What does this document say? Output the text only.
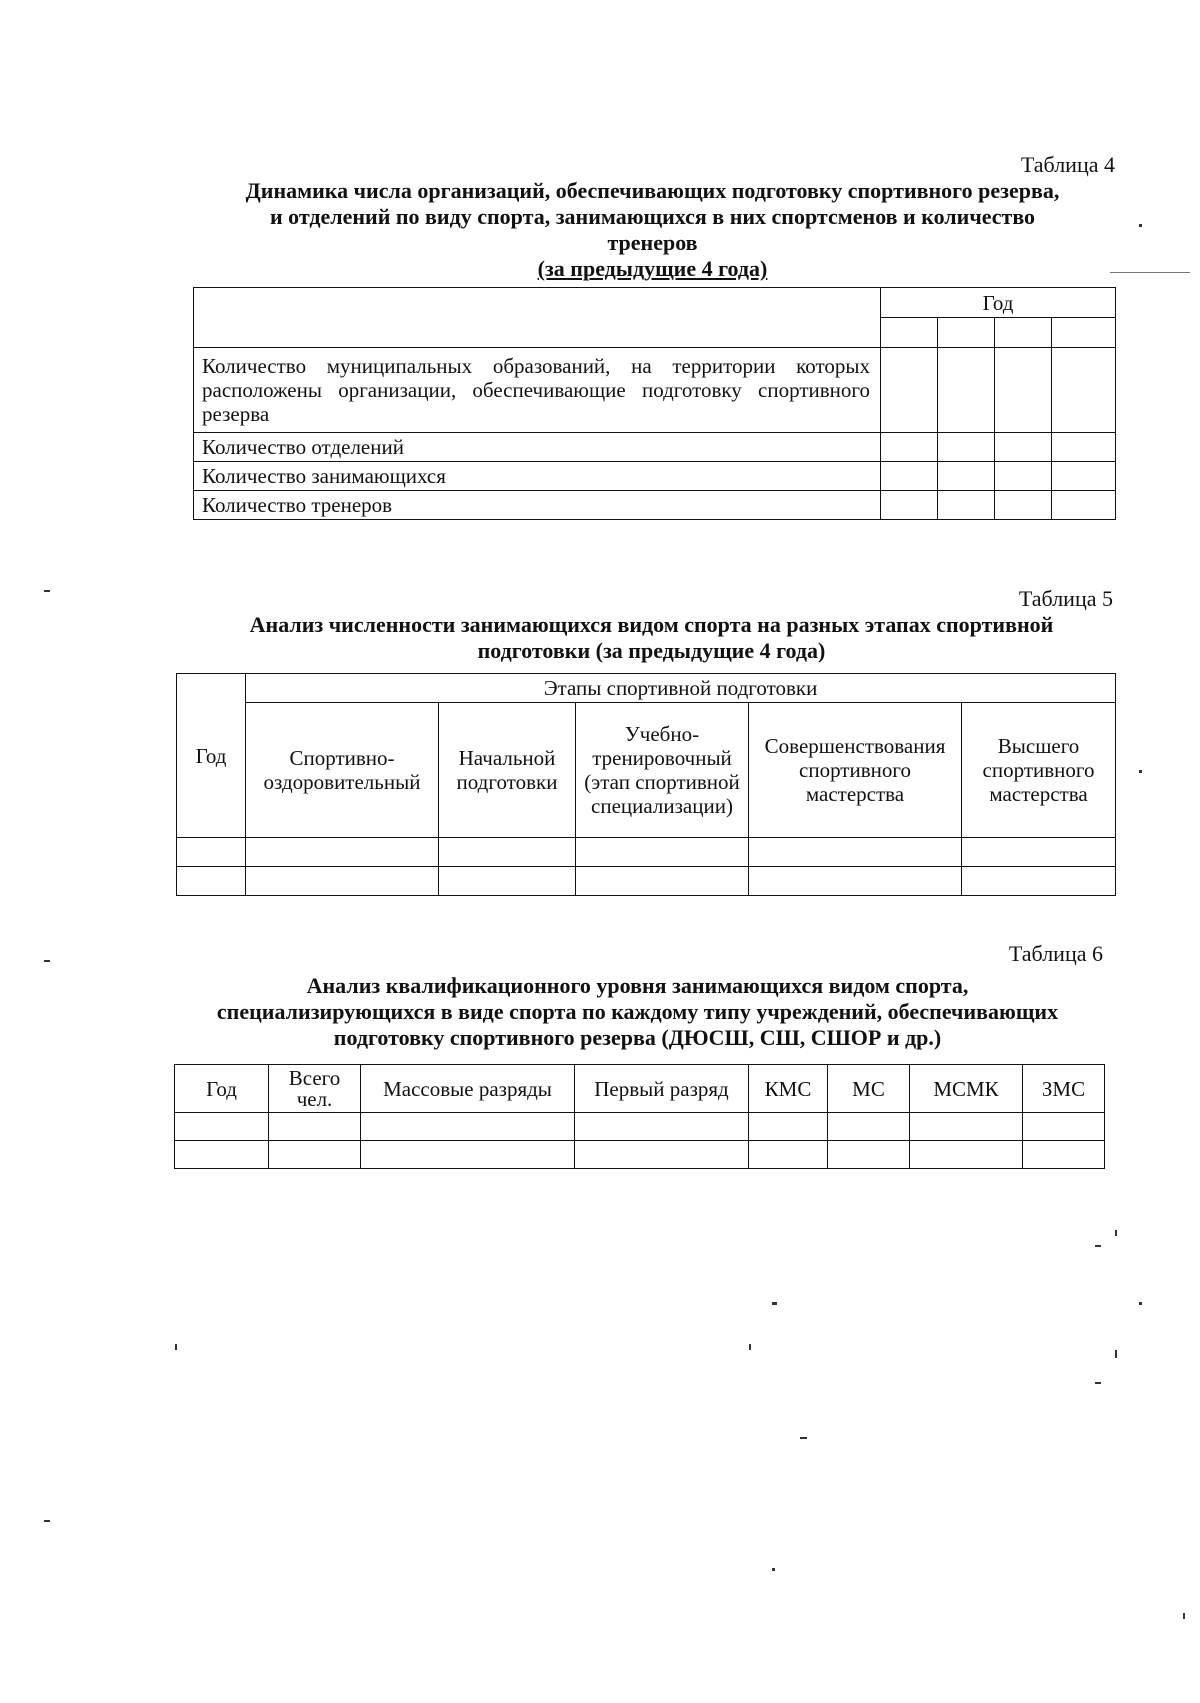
Таблица 4
Динамика числа организаций, обеспечивающих подготовку спортивного резерва,
и отделений по виду спорта, занимающихся в них спортсменов и количество
тренеров
(за предыдущие 4 года)
	Год			

Количество муниципальных образований, на территории которых расположены организации, обеспечивающие подготовку спортивного резерва				
Количество отделений				
Количество занимающихся				
Количество тренеров				
Таблица 5
Анализ численности занимающихся видом спорта на разных этапах спортивной
подготовки (за предыдущие 4 года)
Год	Этапы спортивной подготовки				
	Спортивно-оздоровительный	Начальной подготовки	Учебно-тренировочный (этап спортивной специализации)	Совершенствования спортивного мастерства	Высшего спортивного мастерства

Таблица 6
Анализ квалификационного уровня занимающихся видом спорта,
специализирующихся в виде спорта по каждому типу учреждений, обеспечивающих
подготовку спортивного резерва (ДЮСШ, СШ, СШОР и др.)
Год	Всего чел.	Массовые разряды	Первый разряд	КМС	МС	МСМК	ЗМС
